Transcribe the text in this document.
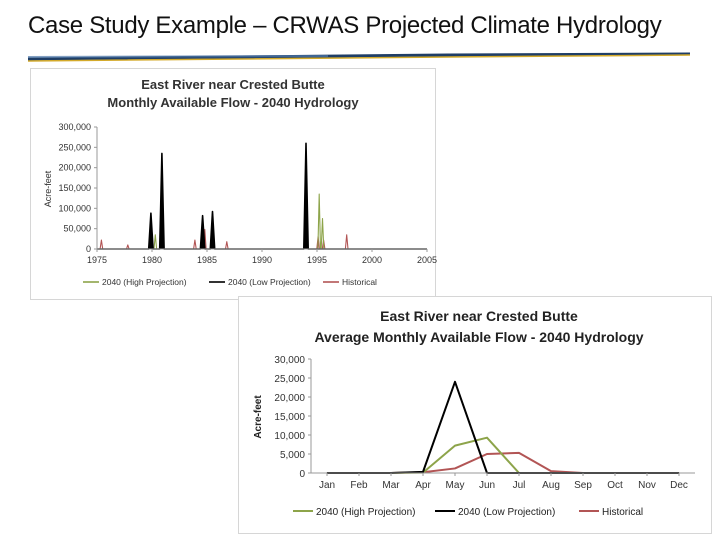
Case Study Example – CRWAS Projected Climate Hydrology
East River near Crested Butte
Monthly Available Flow - 2040 Hydrology
Acre-feet
0
50,000
100,000
150,000
200,000
250,000
300,000
1975	1980	1985	1990	1995	2000	2005
2040 (High Projection)	2040 (Low Projection)	Historical
East River near Crested Butte
Average Monthly Available Flow - 2040 Hydrology
Acre-feet
0
5,000
10,000
15,000
20,000
25,000
30,000
Jan Feb Mar Apr May Jun Jul Aug Sep Oct Nov Dec
2040 (High Projection)	2040 (Low Projection)	Historical
